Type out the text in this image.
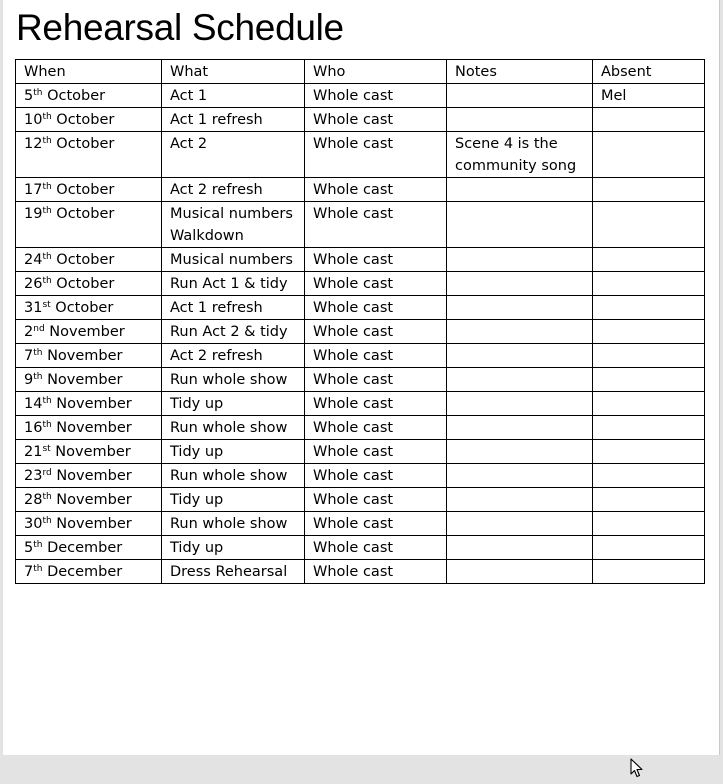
Rehearsal Schedule
When	What	Who	Notes	Absent
5th October	Act 1	Whole cast		Mel
10th October	Act 1 refresh	Whole cast		
12th October	Act 2	Whole cast	Scene 4 is the community song	
17th October	Act 2 refresh	Whole cast		
19th October	Musical numbers Walkdown	Whole cast		
24th October	Musical numbers	Whole cast		
26th October	Run Act 1 & tidy	Whole cast		
31st October	Act 1 refresh	Whole cast		
2nd November	Run Act 2 & tidy	Whole cast		
7th November	Act 2 refresh	Whole cast		
9th November	Run whole show	Whole cast		
14th November	Tidy up	Whole cast		
16th November	Run whole show	Whole cast		
21st November	Tidy up	Whole cast		
23rd November	Run whole show	Whole cast		
28th November	Tidy up	Whole cast		
30th November	Run whole show	Whole cast		
5th December	Tidy up	Whole cast		
7th December	Dress Rehearsal	Whole cast		
